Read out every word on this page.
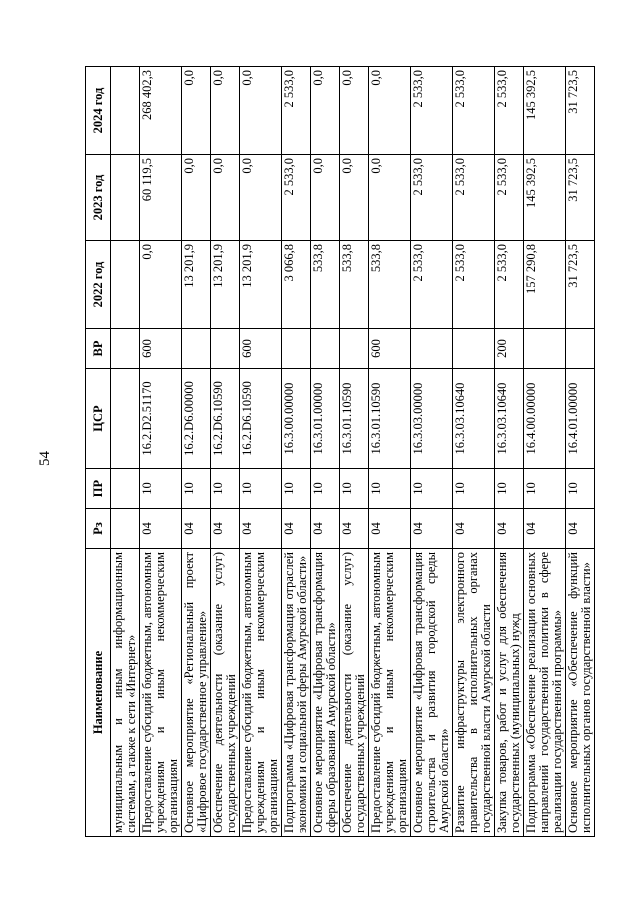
54
Наименование	Рз	ПР	ЦСР	ВР	2022 год	2023 год	2024 год
муниципальным и иным информационным системам, а также к сети «Интернет»							
Предоставление субсидий бюджетным, автономным учреждениям и иным некоммерческим организациям	04	10	16.2.D2.51170	600	0,0	60 119,5	268 402,3
Основное мероприятие «Региональный проект «Цифровое государственное управление»	04	10	16.2.D6.00000		13 201,9	0,0	0,0
Обеспечение деятельности (оказание услуг) государственных учреждений	04	10	16.2.D6.10590		13 201,9	0,0	0,0
Предоставление субсидий бюджетным, автономным учреждениям и иным некоммерческим организациям	04	10	16.2.D6.10590	600	13 201,9	0,0	0,0
Подпрограмма «Цифровая трансформация отраслей экономики и социальной сферы Амурской области»	04	10	16.3.00.00000		3 066,8	2 533,0	2 533,0
Основное мероприятие «Цифровая трансформация сферы образования Амурской области»	04	10	16.3.01.00000		533,8	0,0	0,0
Обеспечение деятельности (оказание услуг) государственных учреждений	04	10	16.3.01.10590		533,8	0,0	0,0
Предоставление субсидий бюджетным, автономным учреждениям и иным некоммерческим организациям	04	10	16.3.01.10590	600	533,8	0,0	0,0
Основное мероприятие «Цифровая трансформация строительства и развития городской среды Амурской области»	04	10	16.3.03.00000		2 533,0	2 533,0	2 533,0
Развитие инфраструктуры электронного правительства в исполнительных органах государственной власти Амурской области	04	10	16.3.03.10640		2 533,0	2 533,0	2 533,0
Закупка товаров, работ и услуг для обеспечения государственных (муниципальных) нужд	04	10	16.3.03.10640	200	2 533,0	2 533,0	2 533,0
Подпрограмма «Обеспечение реализации основных направлений государственной политики в сфере реализации государственной программы»	04	10	16.4.00.00000		157 290,8	145 392,5	145 392,5
Основное мероприятие «Обеспечение функций исполнительных органов государственной власти»	04	10	16.4.01.00000		31 723,5	31 723,5	31 723,5
